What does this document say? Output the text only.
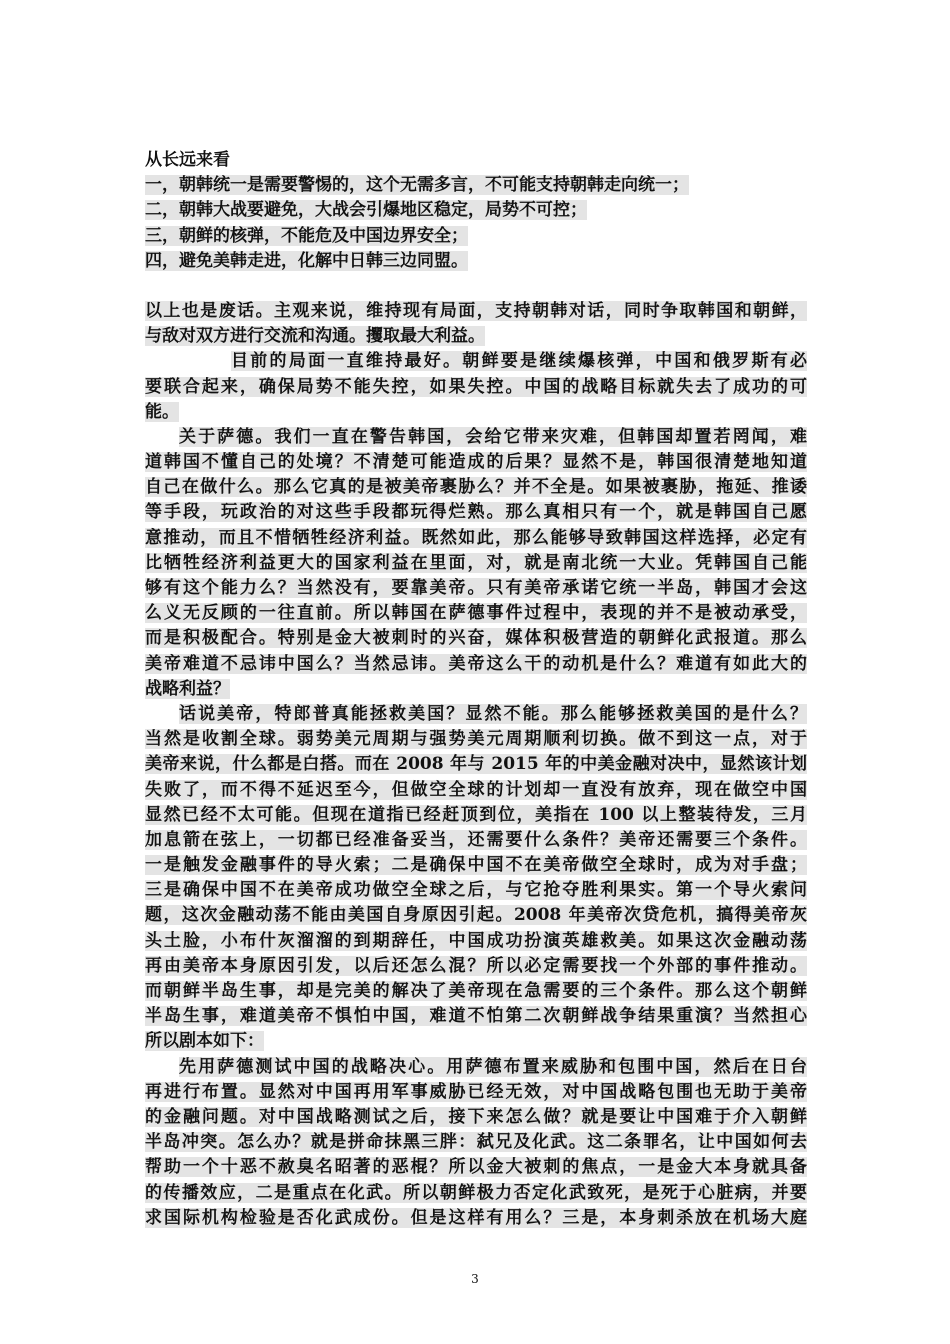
从长远来看
一，朝韩统一是需要警惕的，这个无需多言，不可能支持朝韩走向统一；
二，朝韩大战要避免，大战会引爆地区稳定，局势不可控；
三，朝鲜的核弹，不能危及中国边界安全；
四，避免美韩走进，化解中日韩三边同盟。
以上也是废话。主观来说，维持现有局面，支持朝韩对话，同时争取韩国和朝鲜，
与敌对双方进行交流和沟通。攫取最大利益。
目前的局面一直维持最好。朝鲜要是继续爆核弹，中国和俄罗斯有必
要联合起来，确保局势不能失控，如果失控。中国的战略目标就失去了成功的可
能。
关于萨德。我们一直在警告韩国，会给它带来灾难，但韩国却置若罔闻，难
道韩国不懂自己的处境？不清楚可能造成的后果？显然不是，韩国很清楚地知道
自己在做什么。那么它真的是被美帝裹胁么？并不全是。如果被裹胁，拖延、推诿
等手段，玩政治的对这些手段都玩得烂熟。那么真相只有一个，就是韩国自己愿
意推动，而且不惜牺牲经济利益。既然如此，那么能够导致韩国这样选择，必定有
比牺牲经济利益更大的国家利益在里面，对，就是南北统一大业。凭韩国自己能
够有这个能力么？当然没有，要靠美帝。只有美帝承诺它统一半岛，韩国才会这
么义无反顾的一往直前。所以韩国在萨德事件过程中，表现的并不是被动承受，
而是积极配合。特别是金大被刺时的兴奋，媒体积极营造的朝鲜化武报道。那么
美帝难道不忌讳中国么？当然忌讳。美帝这么干的动机是什么？难道有如此大的
战略利益？
话说美帝，特郎普真能拯救美国？显然不能。那么能够拯救美国的是什么？
当然是收割全球。弱势美元周期与强势美元周期顺利切换。做不到这一点，对于
美帝来说，什么都是白搭。而在 2008 年与 2015 年的中美金融对决中，显然该计划
失败了，而不得不延迟至今，但做空全球的计划却一直没有放弃，现在做空中国
显然已经不太可能。但现在道指已经赶顶到位，美指在 100 以上整装待发，三月
加息箭在弦上，一切都已经准备妥当，还需要什么条件？美帝还需要三个条件。
一是触发金融事件的导火索；二是确保中国不在美帝做空全球时，成为对手盘；
三是确保中国不在美帝成功做空全球之后，与它抢夺胜利果实。第一个导火索问
题，这次金融动荡不能由美国自身原因引起。2008 年美帝次贷危机，搞得美帝灰
头土脸，小布什灰溜溜的到期辞任，中国成功扮演英雄救美。如果这次金融动荡
再由美帝本身原因引发，以后还怎么混？所以必定需要找一个外部的事件推动。
而朝鲜半岛生事，却是完美的解决了美帝现在急需要的三个条件。那么这个朝鲜
半岛生事，难道美帝不惧怕中国，难道不怕第二次朝鲜战争结果重演？当然担心
所以剧本如下：
先用萨德测试中国的战略决心。用萨德布置来威胁和包围中国，然后在日台
再进行布置。显然对中国再用军事威胁已经无效，对中国战略包围也无助于美帝
的金融问题。对中国战略测试之后，接下来怎么做？就是要让中国难于介入朝鲜
半岛冲突。怎么办？就是拼命抹黑三胖：弑兄及化武。这二条罪名，让中国如何去
帮助一个十恶不赦臭名昭著的恶棍？所以金大被刺的焦点，一是金大本身就具备
的传播效应，二是重点在化武。所以朝鲜极力否定化武致死，是死于心脏病，并要
求国际机构检验是否化武成份。但是这样有用么？三是，本身刺杀放在机场大庭
3
